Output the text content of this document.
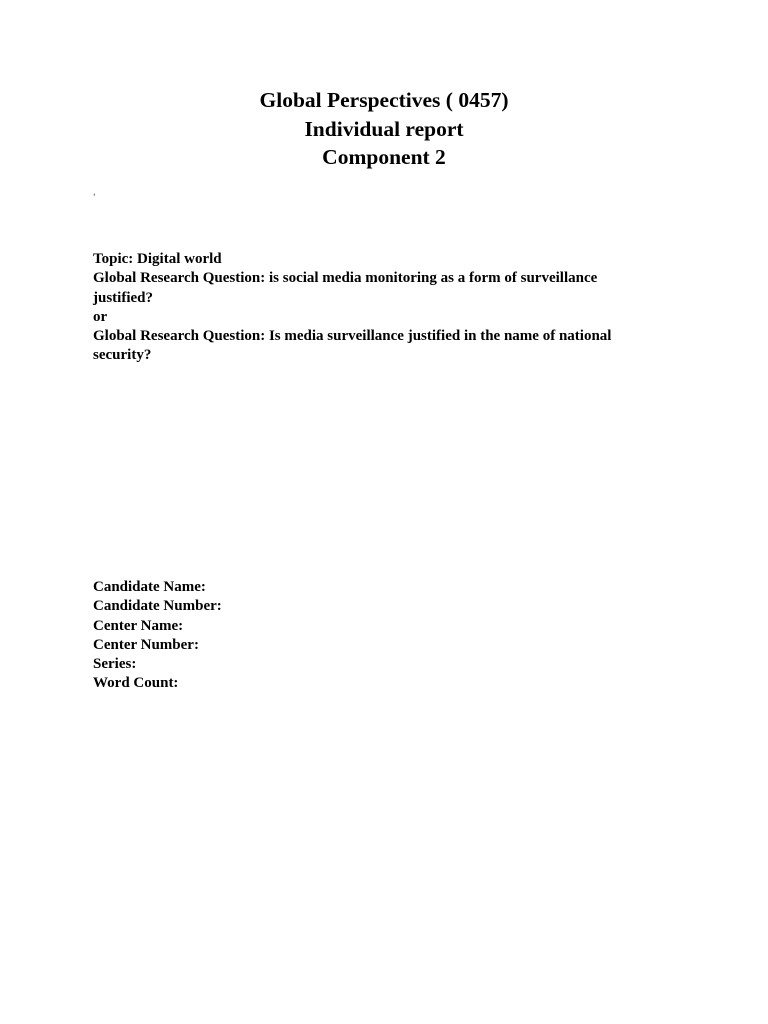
Global Perspectives ( 0457)
Individual report
Component 2
‘
Topic: Digital world
Global Research Question: is social media monitoring as a form of surveillance
justified?
or
Global Research Question: Is media surveillance justified in the name of national
security?
Candidate Name:
Candidate Number:
Center Name:
Center Number:
Series:
Word Count:
